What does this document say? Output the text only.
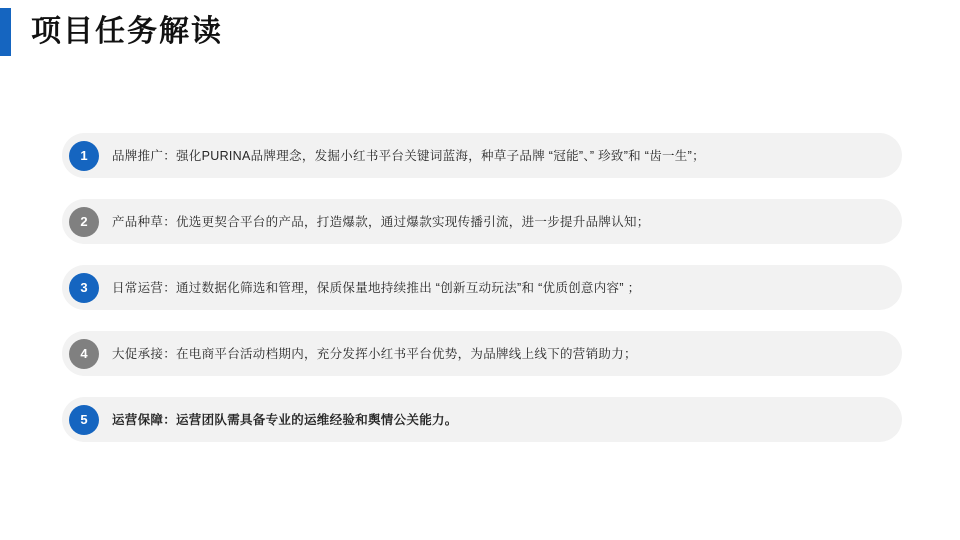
项目任务解读
1	品牌推广：强化PURINA品牌理念，发掘小红书平台关键词蓝海，种草子品牌 “冠能”、” 珍致”和 “齿一生”；
2	产品种草：优选更契合平台的产品，打造爆款，通过爆款实现传播引流，进一步提升品牌认知；
3	日常运营：通过数据化筛选和管理，保质保量地持续推出 “创新互动玩法”和 “优质创意内容” ；
4	大促承接：在电商平台活动档期内，充分发挥小红书平台优势，为品牌线上线下的营销助力；
5	运营保障：运营团队需具备专业的运维经验和舆情公关能力。
